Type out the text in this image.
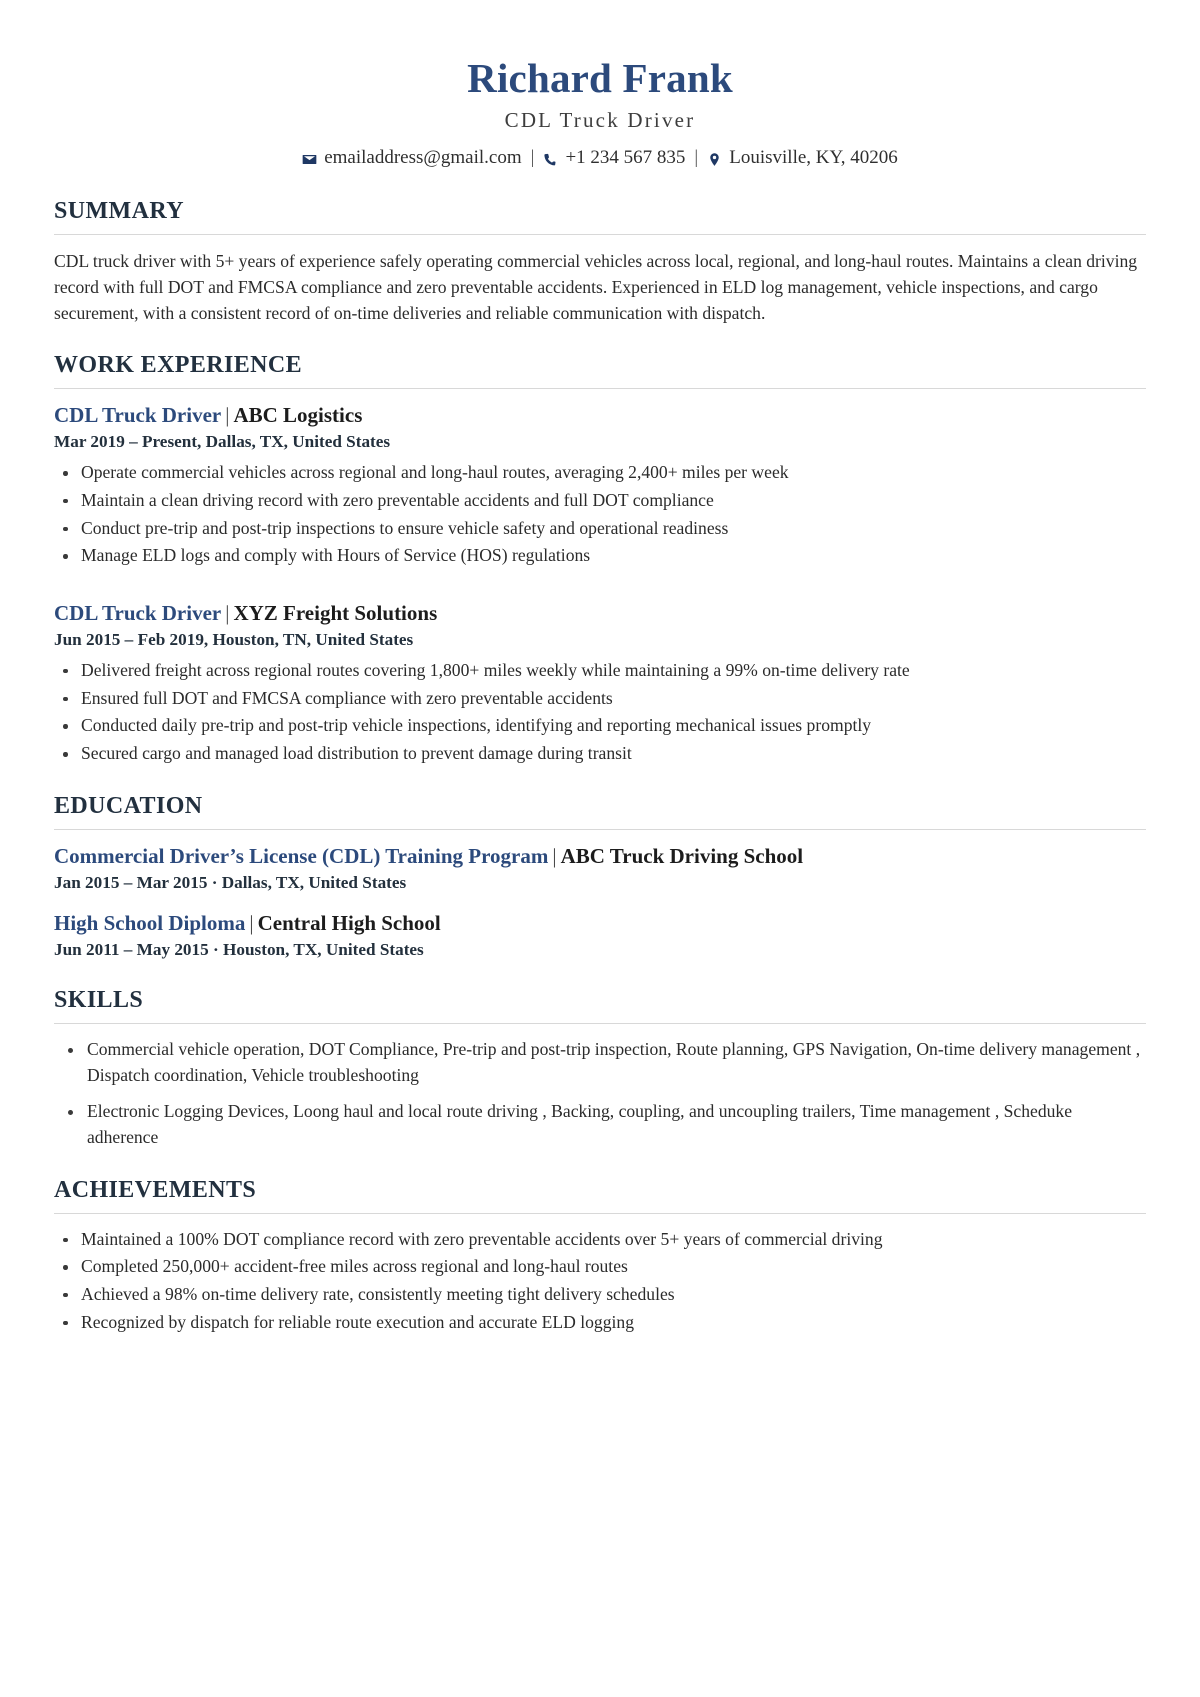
Richard Frank
CDL Truck Driver
emailaddress@gmail.com |	+1 234 567 835 |	Louisville, KY, 40206
SUMMARY
CDL truck driver with 5+ years of experience safely operating commercial vehicles across local, regional, and long-haul routes. Maintains a clean driving record with full DOT and FMCSA compliance and zero preventable accidents. Experienced in ELD log management, vehicle inspections, and cargo securement, with a consistent record of on-time deliveries and reliable communication with dispatch.
WORK EXPERIENCE
CDL Truck Driver | ABC Logistics
Mar 2019 – Present, Dallas, TX, United States
Operate commercial vehicles across regional and long-haul routes, averaging 2,400+ miles per week
Maintain a clean driving record with zero preventable accidents and full DOT compliance
Conduct pre-trip and post-trip inspections to ensure vehicle safety and operational readiness
Manage ELD logs and comply with Hours of Service (HOS) regulations
CDL Truck Driver | XYZ Freight Solutions
Jun 2015 – Feb 2019, Houston, TN, United States
Delivered freight across regional routes covering 1,800+ miles weekly while maintaining a 99% on-time delivery rate
Ensured full DOT and FMCSA compliance with zero preventable accidents
Conducted daily pre-trip and post-trip vehicle inspections, identifying and reporting mechanical issues promptly
Secured cargo and managed load distribution to prevent damage during transit
EDUCATION
Commercial Driver’s License (CDL) Training Program | ABC Truck Driving School
Jan 2015 – Mar 2015 · Dallas, TX, United States
High School Diploma | Central High School
Jun 2011 – May 2015 · Houston, TX, United States
SKILLS
Commercial vehicle operation, DOT Compliance, Pre-trip and post-trip inspection, Route planning, GPS Navigation, On-time delivery management , Dispatch coordination, Vehicle troubleshooting
Electronic Logging Devices, Loong haul and local route driving , Backing, coupling, and uncoupling trailers, Time management , Scheduke adherence
ACHIEVEMENTS
Maintained a 100% DOT compliance record with zero preventable accidents over 5+ years of commercial driving
Completed 250,000+ accident-free miles across regional and long-haul routes
Achieved a 98% on-time delivery rate, consistently meeting tight delivery schedules
Recognized by dispatch for reliable route execution and accurate ELD logging
